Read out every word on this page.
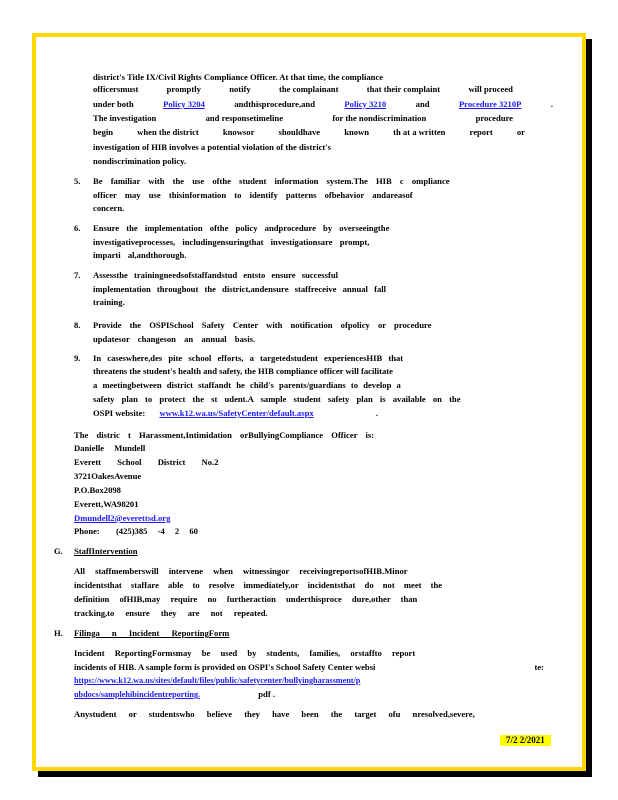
district's Title IX/Civil Rights Compliance Officer. At that time, the compliance
officersmust	promptly	notify	the complainant	that their complaint	will proceed
under both	Policy 3204	andthisprocedure,and	Policy 3210	and	Procedure 3210P	.
The investigation	and responsetimeline	for the nondiscrimination	procedure
begin	when the district	knowsor	shouldhave	known	th at a written	report	or
investigation of HIB involves a potential violation of the district's
nondiscrimination policy.
5. Be familiar with the use ofthe student information system.The HIB c ompliance
officer may use thisinformation to identify patterns ofbehavior andareasof
concern.
6. Ensure the implementation ofthe policy andprocedure by overseeingthe
investigativeprocesses, includingensuringthat investigationsare prompt,
imparti al,andthorough.
7. Assessthe trainingneedsofstaffandstud entsto ensure successful
implementation throughout the district,andensure staffreceive annual fall
training.
8. Provide the OSPISchool Safety Center with notification ofpolicy or procedure
updatesor changeson an annual basis.
9. In caseswhere,des pite school efforts, a targetedstudent experiencesHIB that
threatens the student's health and safety, the HIB compliance officer will facilitate
a meetingbetween district staffandt he child's parents/guardians to develop a
safety plan to protect the st udent.A sample student safety plan is available on the
OSPI website: www.k12.wa.us/SafetyCenter/default.aspx	.
The distric t Harassment,Intimidation orBullyingCompliance Officer is:
Danielle Mundell
Everett School District No.2
3721OakesAvenue
P.O.Box2098
Everett,WA98201
Dmundell2@everettsd.org
Phone: (425)385 -4 2 60
G. StaffIntervention
All staffmemberswill intervene when witnessingor receivingreportsofHIB.Minor
incidentsthat staffare able to resolve immediately,or incidentsthat do not meet the
definition ofHIB,may require no furtheraction underthisproce dure,other than
tracking,to ensure they are not repeated.
H. Filinga n Incident ReportingForm
Incident ReportingFormsmay be used by students, families, orstaffto report
incidents of HIB. A sample form is provided on OSPI's School Safety Center websi	te:
https://www.k12.wa.us/sites/default/files/public/safetycenter/bullyingharassment/p
ubdocs/samplehibincidentreporting.	pdf .
Anystudent or studentswho believe they have been the target ofu nresolved,severe,
7/2 2/2021
